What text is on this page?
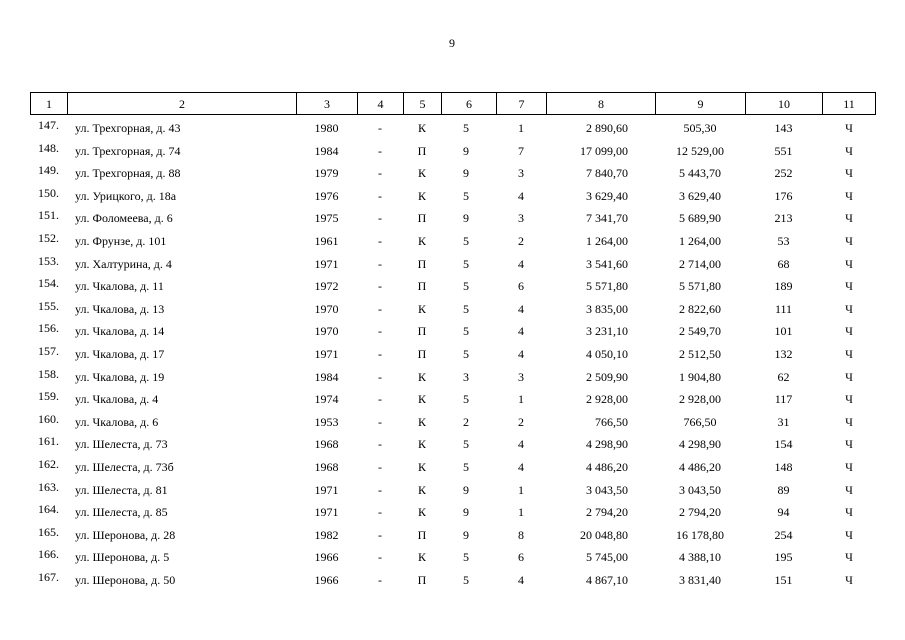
9
1	2	3	4	5	6	7	8	9	10	11
147.	ул. Трехгорная, д. 43	1980	-	К	5	1	2 890,60	505,30	143	Ч
148.	ул. Трехгорная, д. 74	1984	-	П	9	7	17 099,00	12 529,00	551	Ч
149.	ул. Трехгорная, д. 88	1979	-	К	9	3	7 840,70	5 443,70	252	Ч
150.	ул. Урицкого, д. 18а	1976	-	К	5	4	3 629,40	3 629,40	176	Ч
151.	ул. Фоломеева, д. 6	1975	-	П	9	3	7 341,70	5 689,90	213	Ч
152.	ул. Фрунзе, д. 101	1961	-	К	5	2	1 264,00	1 264,00	53	Ч
153.	ул. Халтурина, д. 4	1971	-	П	5	4	3 541,60	2 714,00	68	Ч
154.	ул. Чкалова, д. 11	1972	-	П	5	6	5 571,80	5 571,80	189	Ч
155.	ул. Чкалова, д. 13	1970	-	К	5	4	3 835,00	2 822,60	111	Ч
156.	ул. Чкалова, д. 14	1970	-	П	5	4	3 231,10	2 549,70	101	Ч
157.	ул. Чкалова, д. 17	1971	-	П	5	4	4 050,10	2 512,50	132	Ч
158.	ул. Чкалова, д. 19	1984	-	К	3	3	2 509,90	1 904,80	62	Ч
159.	ул. Чкалова, д. 4	1974	-	К	5	1	2 928,00	2 928,00	117	Ч
160.	ул. Чкалова, д. 6	1953	-	К	2	2	766,50	766,50	31	Ч
161.	ул. Шелеста, д. 73	1968	-	К	5	4	4 298,90	4 298,90	154	Ч
162.	ул. Шелеста, д. 73б	1968	-	К	5	4	4 486,20	4 486,20	148	Ч
163.	ул. Шелеста, д. 81	1971	-	К	9	1	3 043,50	3 043,50	89	Ч
164.	ул. Шелеста, д. 85	1971	-	К	9	1	2 794,20	2 794,20	94	Ч
165.	ул. Шеронова, д. 28	1982	-	П	9	8	20 048,80	16 178,80	254	Ч
166.	ул. Шеронова, д. 5	1966	-	К	5	6	5 745,00	4 388,10	195	Ч
167.	ул. Шеронова, д. 50	1966	-	П	5	4	4 867,10	3 831,40	151	Ч
